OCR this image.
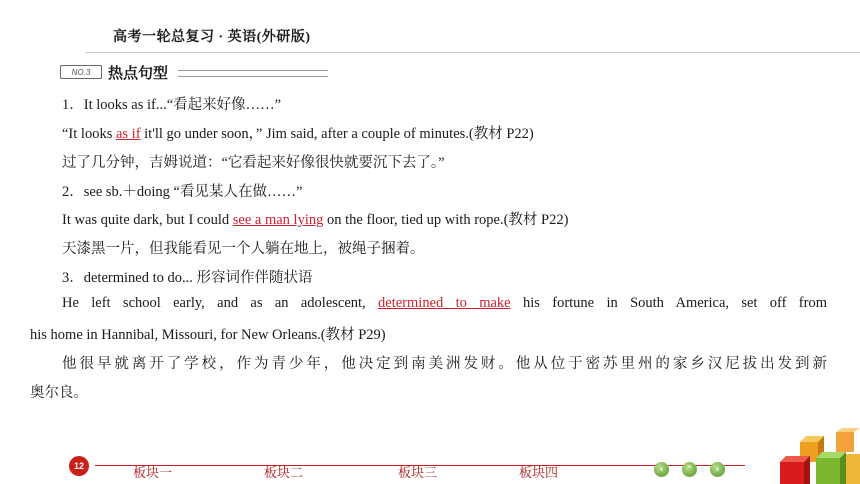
高考一轮总复习 · 英语(外研版)
NO.3	热点句型
1．It looks as if...“看起来好像……”
“It looks as if it'll go under soon，” Jim said, after a couple of minutes.(教材 P22)
过了几分钟，吉姆说道：“它看起来好像很快就要沉下去了。”
2．see sb.＋doing “看见某人在做……”
It was quite dark, but I could see a man lying on the floor, tied up with rope.(教材 P22)
天漆黑一片，但我能看见一个人躺在地上，被绳子捆着。
3．determined to do... 形容词作伴随状语
He left school early, and as an adolescent, determined to make his fortune in South America, set off from
his home in Hannibal, Missouri, for New Orleans.(教材 P29)
他很早就离开了学校，作为青少年，他决定到南美洲发财。他从位于密苏里州的家乡汉尼拔出发到新
奥尔良。
12	板块一	板块二	板块三	板块四	‹ ⌃ ›
